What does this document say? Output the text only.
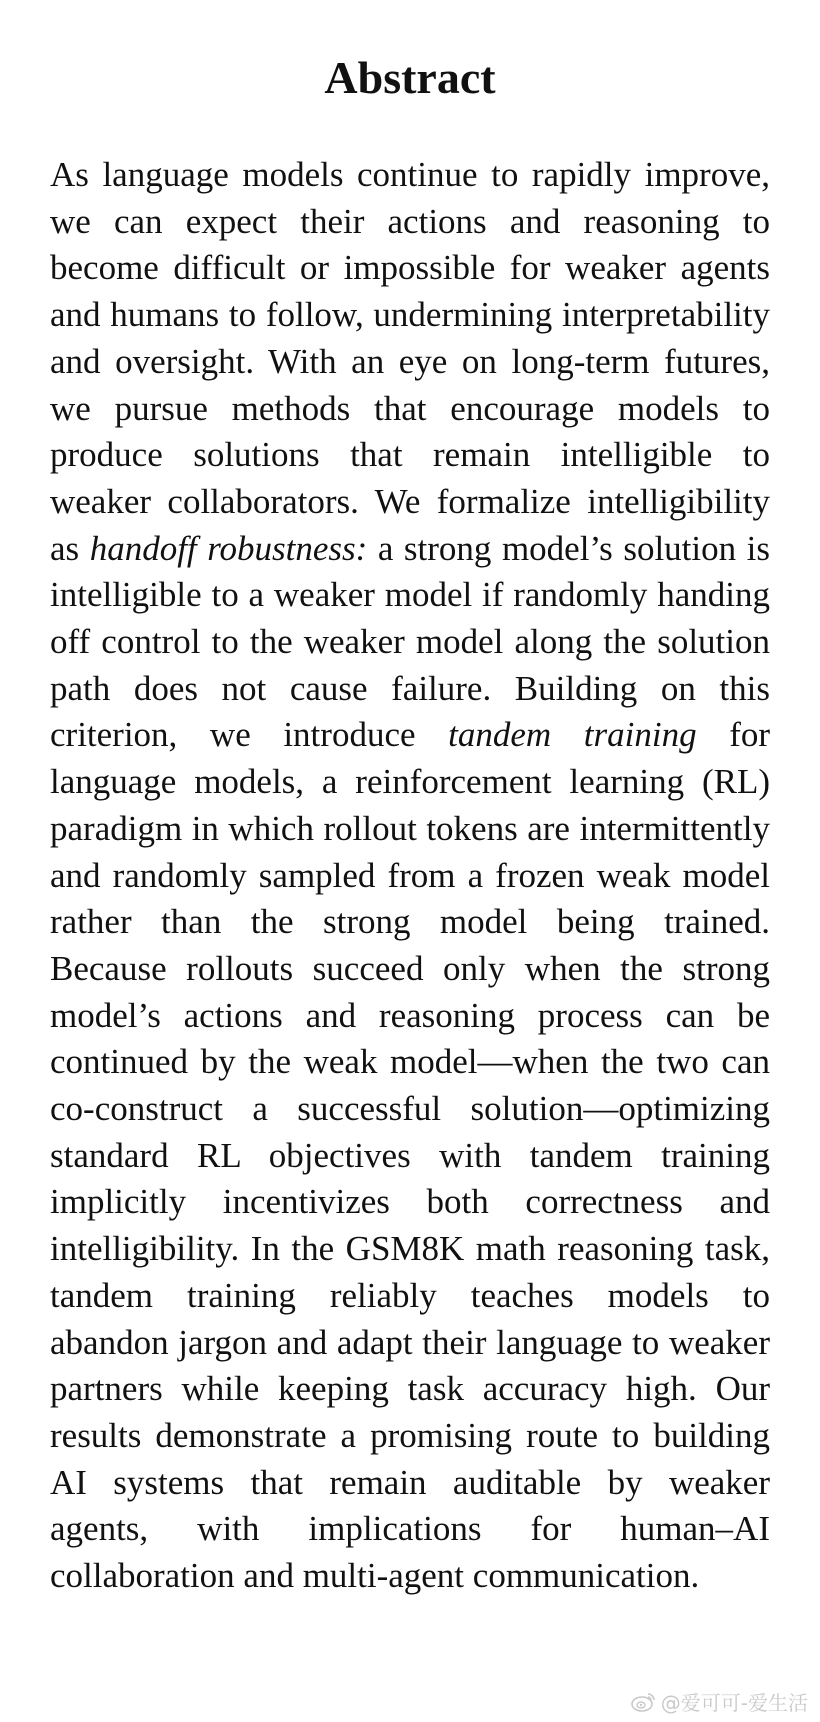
Abstract

As language models continue to rapidly improve, we can expect their actions and reasoning to become difficult or impossible for weaker agents and humans to follow, undermining interpretability and oversight. With an eye on long-term futures, we pursue methods that encourage models to produce solutions that remain intelligible to weaker collaborators. We formalize intelligibility as handoff robustness: a strong model’s solution is intelligible to a weaker model if randomly handing off control to the weaker model along the solution path does not cause failure. Building on this criterion, we introduce tandem training for language models, a reinforcement learning (RL) paradigm in which rollout tokens are intermittently and randomly sampled from a frozen weak model rather than the strong model being trained. Because rollouts succeed only when the strong model’s actions and reasoning process can be continued by the weak model—when the two can co-construct a successful solution—optimizing standard RL objectives with tandem training implicitly incentivizes both correctness and intelligibility. In the GSM8K math reasoning task, tandem training reliably teaches models to abandon jargon and adapt their language to weaker partners while keeping task accuracy high. Our results demonstrate a promising route to building AI systems that remain auditable by weaker agents, with implications for human–AI collaboration and multi-agent communication.

@爱可可-爱生活
